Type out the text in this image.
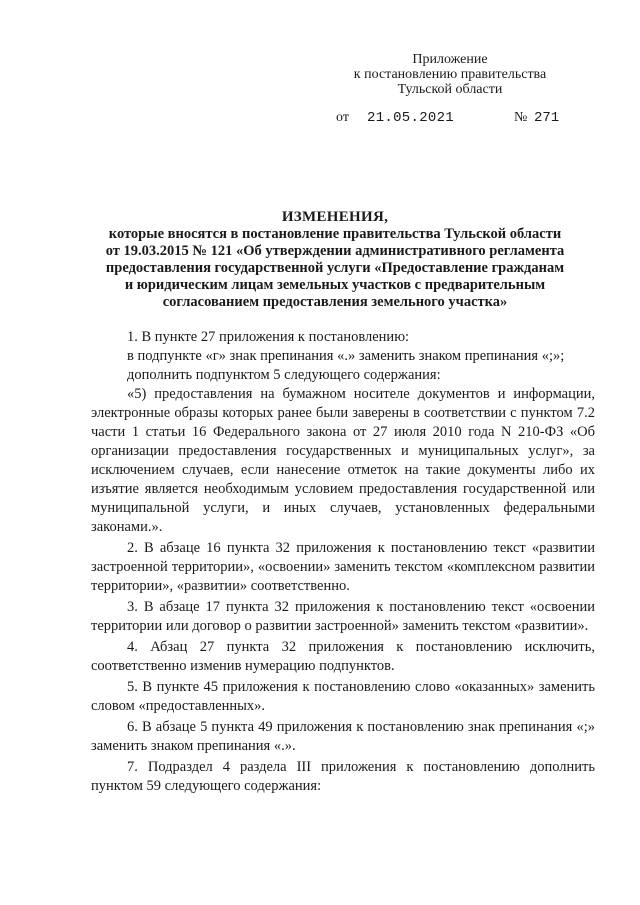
Приложение
к постановлению правительства
Тульской области
от 21.05.2021	№ 271
ИЗМЕНЕНИЯ,
которые вносятся в постановление правительства Тульской области
от 19.03.2015 № 121 «Об утверждении административного регламента
предоставления государственной услуги «Предоставление гражданам
и юридическим лицам земельных участков с предварительным
согласованием предоставления земельного участка»

1. В пункте 27 приложения к постановлению:

в подпункте «г» знак препинания «.» заменить знаком препинания «;»;

дополнить подпунктом 5 следующего содержания:

«5) предоставления на бумажном носителе документов и информации, электронные образы которых ранее были заверены в соответствии с пунктом 7.2 части 1 статьи 16 Федерального закона от 27 июля 2010 года N 210-ФЗ «Об организации предоставления государственных и муниципальных услуг», за исключением случаев, если нанесение отметок на такие документы либо их изъятие является необходимым условием предоставления государственной или муниципальной услуги, и иных случаев, установленных федеральными законами.».

2. В абзаце 16 пункта 32 приложения к постановлению текст «развитии застроенной территории», «освоении» заменить текстом «комплексном развитии территории», «развитии» соответственно.

3. В абзаце 17 пункта 32 приложения к постановлению текст «освоении территории или договор о развитии застроенной» заменить текстом «развитии».

4. Абзац 27 пункта 32 приложения к постановлению исключить, соответственно изменив нумерацию подпунктов.

5. В пункте 45 приложения к постановлению слово «оказанных» заменить словом «предоставленных».

6. В абзаце 5 пункта 49 приложения к постановлению знак препинания «;» заменить знаком препинания «.».

7. Подраздел 4 раздела III приложения к постановлению дополнить пунктом 59 следующего содержания:
